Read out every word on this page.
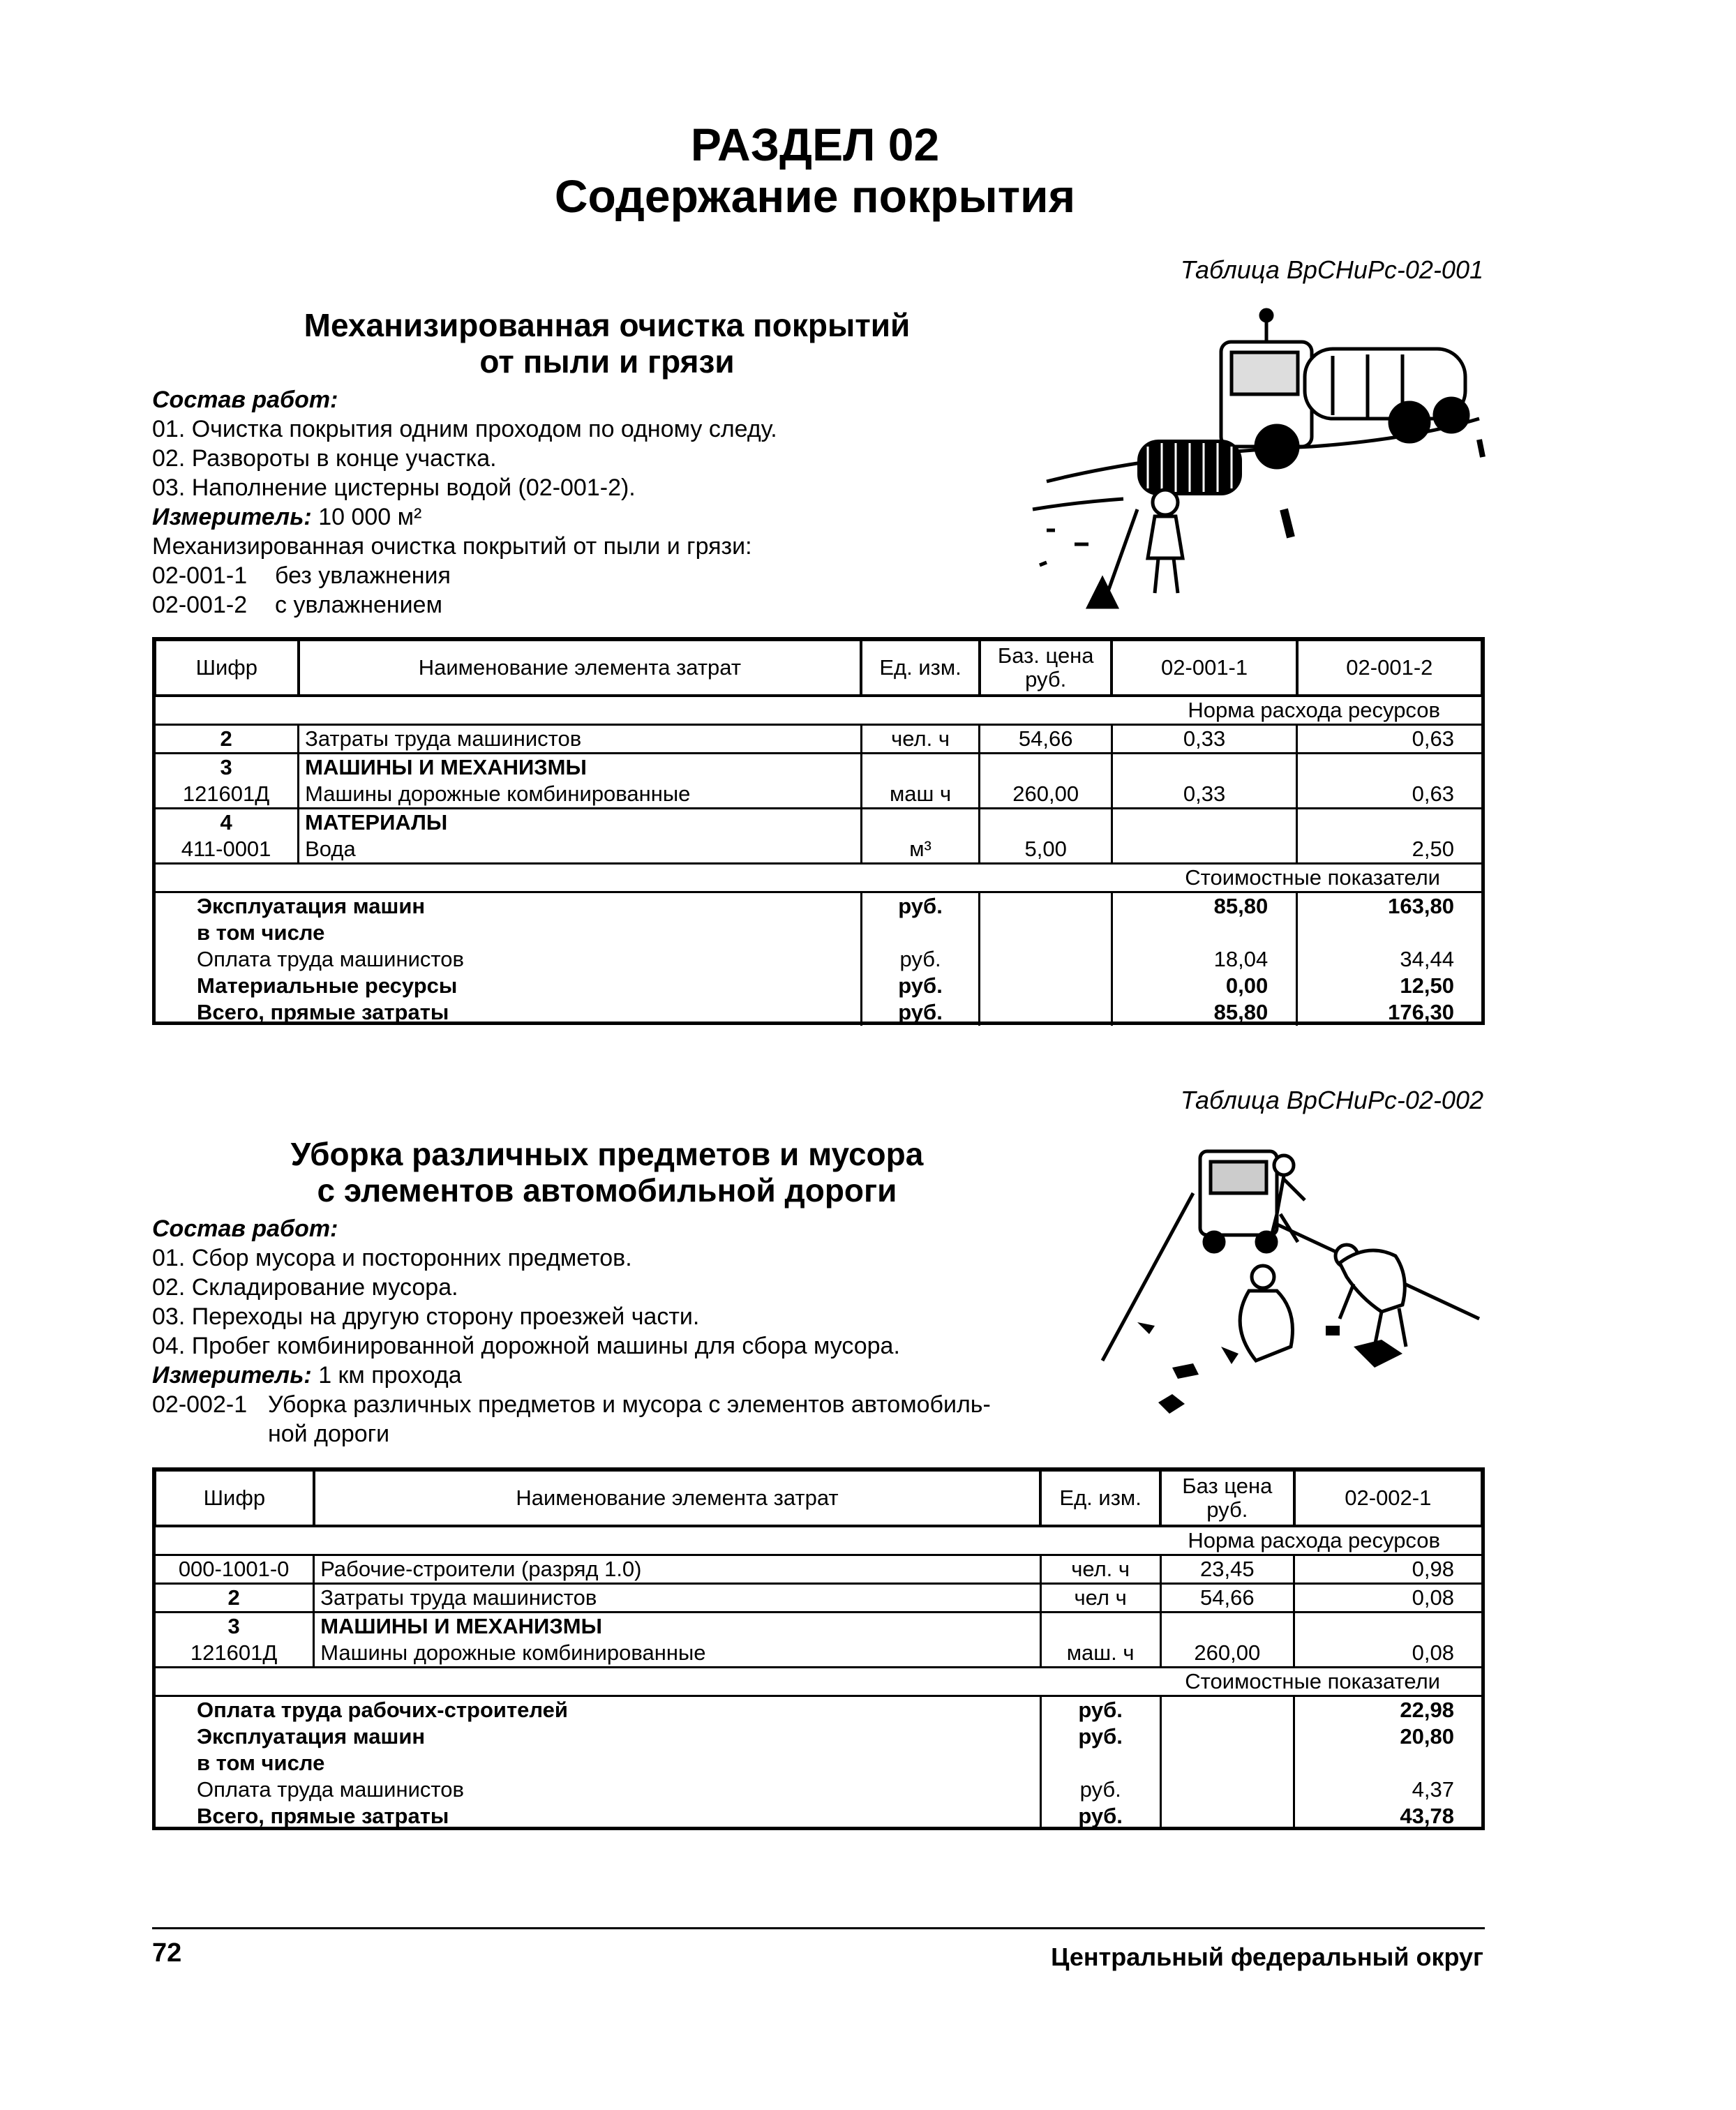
РАЗДЕЛ 02
Содержание покрытия
Таблица ВрСНиРс-02-001
Механизированная очистка покрытий
от пыли и грязи
Состав работ:
01. Очистка покрытия одним проходом по одному следу.
02. Развороты в конце участка.
03. Наполнение цистерны водой (02-001-2).
Измеритель: 10 000 м²
Механизированная очистка покрытий от пыли и грязи:
02-001-1 без увлажнения
02-001-2 с увлажнением
Шифр	Наименование элемента затрат	Ед. изм.	Баз. цена руб.	02-001-1	02-001-2
Норма расхода ресурсов					
2	Затраты труда машинистов	чел. ч	54,66	0,33	0,63
3	МАШИНЫ И МЕХАНИЗМЫ				
121601Д	Машины дорожные комбинированные	маш ч	260,00	0,33	0,63
4	МАТЕРИАЛЫ				
411-0001	Вода	м³	5,00		2,50
Стоимостные показатели					
Эксплуатация машин		руб.		85,80	163,80
в том числе					
Оплата труда машинистов		руб.		18,04	34,44
Материальные ресурсы		руб.		0,00	12,50
Всего, прямые затраты		руб.		85,80	176,30
Таблица ВрСНиРс-02-002
Уборка различных предметов и мусора
с элементов автомобильной дороги
Состав работ:
01. Сбор мусора и посторонних предметов.
02. Складирование мусора.
03. Переходы на другую сторону проезжей части.
04. Пробег комбинированной дорожной машины для сбора мусора.
Измеритель: 1 км прохода
02-002-1 Уборка различных предметов и мусора с элементов автомобиль-
ной дороги
Шифр	Наименование элемента затрат	Ед. изм.	Баз цена руб.	02-002-1
Норма расхода ресурсов				
000-1001-0	Рабочие-строители (разряд 1.0)	чел. ч	23,45	0,98
2	Затраты труда машинистов	чел ч	54,66	0,08
3	МАШИНЫ И МЕХАНИЗМЫ			
121601Д	Машины дорожные комбинированные	маш. ч	260,00	0,08
Стоимостные показатели				
Оплата труда рабочих-строителей		руб.		22,98
Эксплуатация машин		руб.		20,80
в том числе				
Оплата труда машинистов		руб.		4,37
Всего, прямые затраты		руб.		43,78
72	Центральный федеральный округ
